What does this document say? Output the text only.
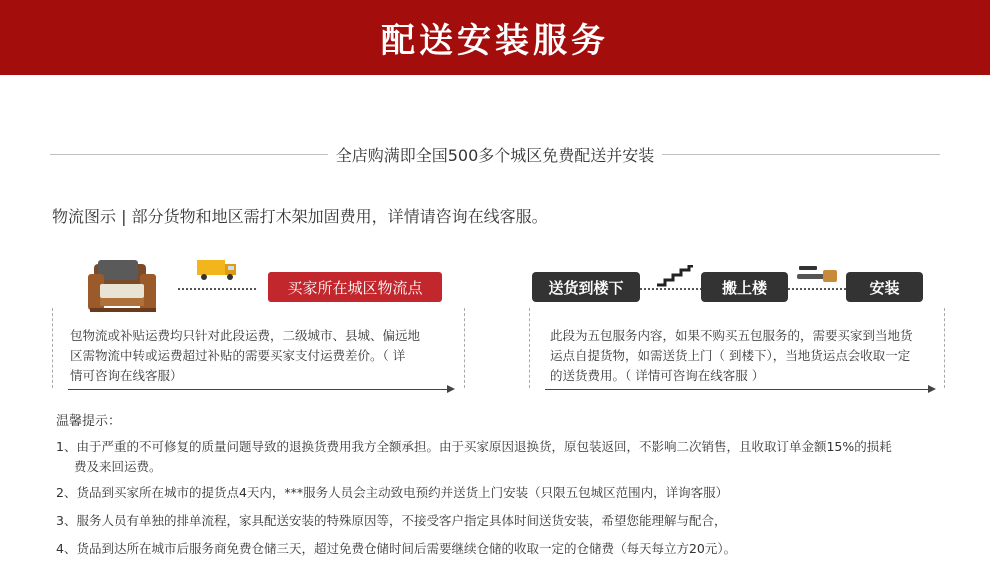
配送安装服务
全店购满即全国500多个城区免费配送并安装
物流图示 | 部分货物和地区需打木架加固费用，详情请咨询在线客服。
买家所在城区物流点
包物流或补贴运费均只针对此段运费，二级城市、县城、偏远地
区需物流中转或运费超过补贴的需要买家支付运费差价。（ 详
情可咨询在线客服）
送货到楼下	搬上楼	安装
此段为五包服务内容，如果不购买五包服务的，需要买家到当地货
运点自提货物，如需送货上门（ 到楼下），当地货运点会收取一定
的送货费用。（ 详情可咨询在线客服 ）
温馨提示：
1、由于严重的不可修复的质量问题导致的退换货费用我方全额承担。由于买家原因退换货，原包装返回，不影响二次销售，且收取订单金额15%的损耗
费及来回运费。
2、货品到买家所在城市的提货点4天内，***服务人员会主动致电预约并送货上门安装（只限五包城区范围内，详询客服）
3、服务人员有单独的排单流程，家具配送安装的特殊原因等，不接受客户指定具体时间送货安装，希望您能理解与配合，
4、货品到达所在城市后服务商免费仓储三天，超过免费仓储时间后需要继续仓储的收取一定的仓储费（每天每立方20元）。
